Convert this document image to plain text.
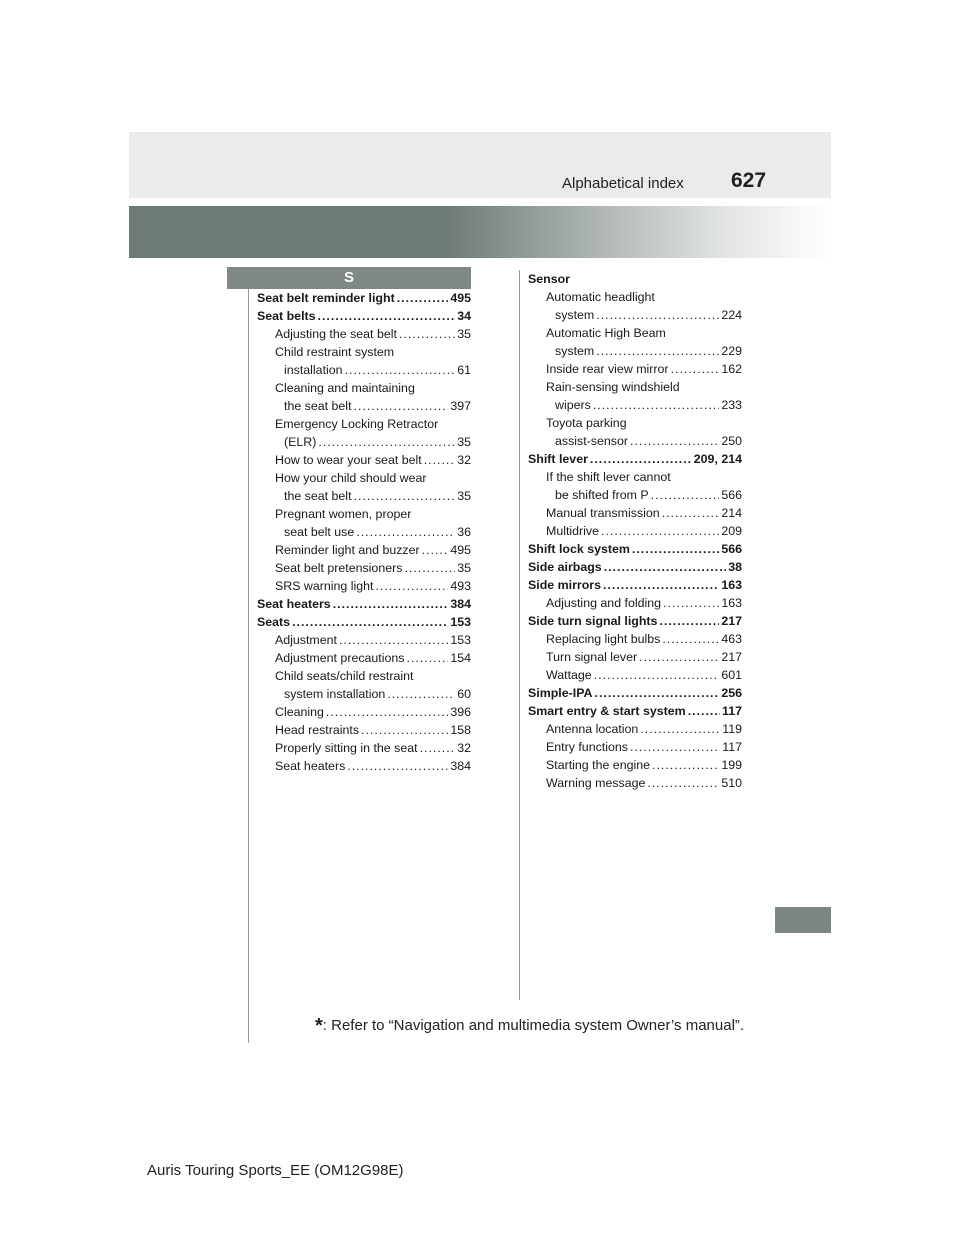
Alphabetical index 627
S
Seat belt reminder light .....	495
Seat belts .....	34
Adjusting the seat belt .....	35
Child restraint system
installation .....	61
Cleaning and maintaining
the seat belt .....	397
Emergency Locking Retractor
(ELR) .....	35
How to wear your seat belt .....	32
How your child should wear
the seat belt .....	35
Pregnant women, proper
seat belt use .....	36
Reminder light and buzzer ..... 495
Seat belt pretensioners .....	35
SRS warning light .....	493
Seat heaters .....	384
Seats .....	153
Adjustment .....	153
Adjustment precautions .....	154
Child seats/child restraint
system installation .....	60
Cleaning .....	396
Head restraints .....	158
Properly sitting in the seat .....	32
Seat heaters .....	384
Sensor
Automatic headlight
system .....	224
Automatic High Beam
system .....	229
Inside rear view mirror .....	162
Rain-sensing windshield
wipers .....	233
Toyota parking
assist-sensor .....	250
Shift lever .....	209, 214
If the shift lever cannot
be shifted from P .....	566
Manual transmission .....	214
Multidrive .....	209
Shift lock system .....	566
Side airbags .....	38
Side mirrors .....	163
Adjusting and folding .....	163
Side turn signal lights .....	217
Replacing light bulbs .....	463
Turn signal lever .....	217
Wattage .....	601
Simple-IPA .....	256
Smart entry & start system .....	117
Antenna location .....	119
Entry functions .....	117
Starting the engine .....	199
Warning message .....	510
*: Refer to “Navigation and multimedia system Owner’s manual”.
Auris Touring Sports_EE (OM12G98E)
